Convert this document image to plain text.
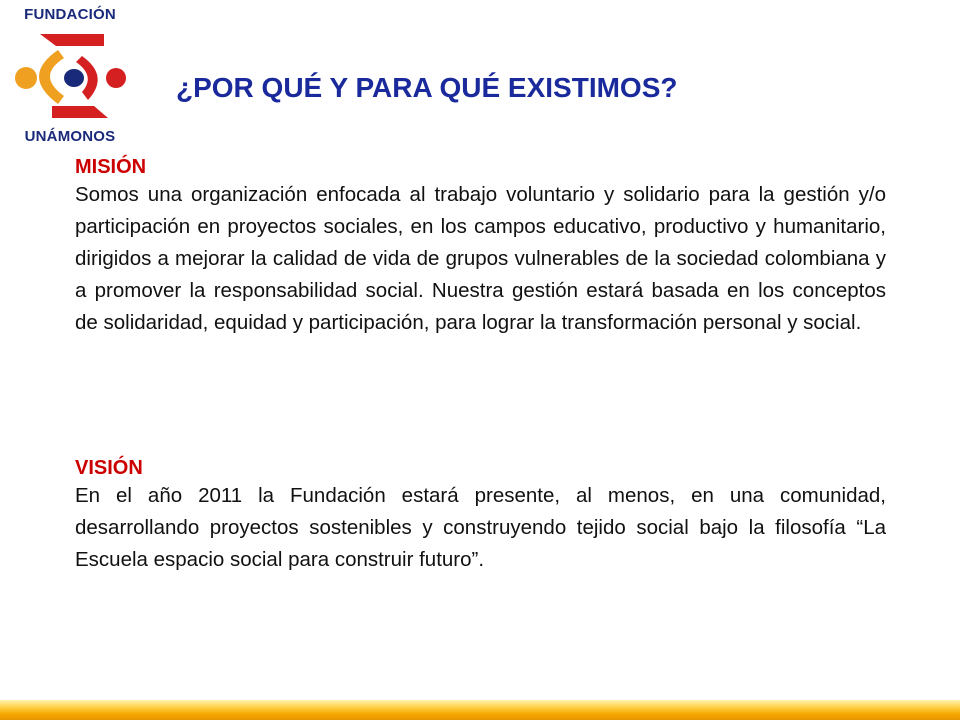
FUNDACIÓN
UNÁMONOS
¿POR QUÉ Y PARA QUÉ EXISTIMOS?
MISIÓN

Somos una organización enfocada al trabajo voluntario y solidario para la gestión y/o participación en proyectos sociales, en los campos educativo, productivo y humanitario, dirigidos a mejorar la calidad de vida de grupos vulnerables de la sociedad colombiana y a promover la responsabilidad social. Nuestra gestión estará basada en los conceptos de solidaridad, equidad y participación, para lograr la transformación personal y social.

VISIÓN

En el año 2011 la Fundación estará presente, al menos, en una comunidad, desarrollando proyectos sostenibles y construyendo tejido social bajo la filosofía “La Escuela espacio social para construir futuro”.
